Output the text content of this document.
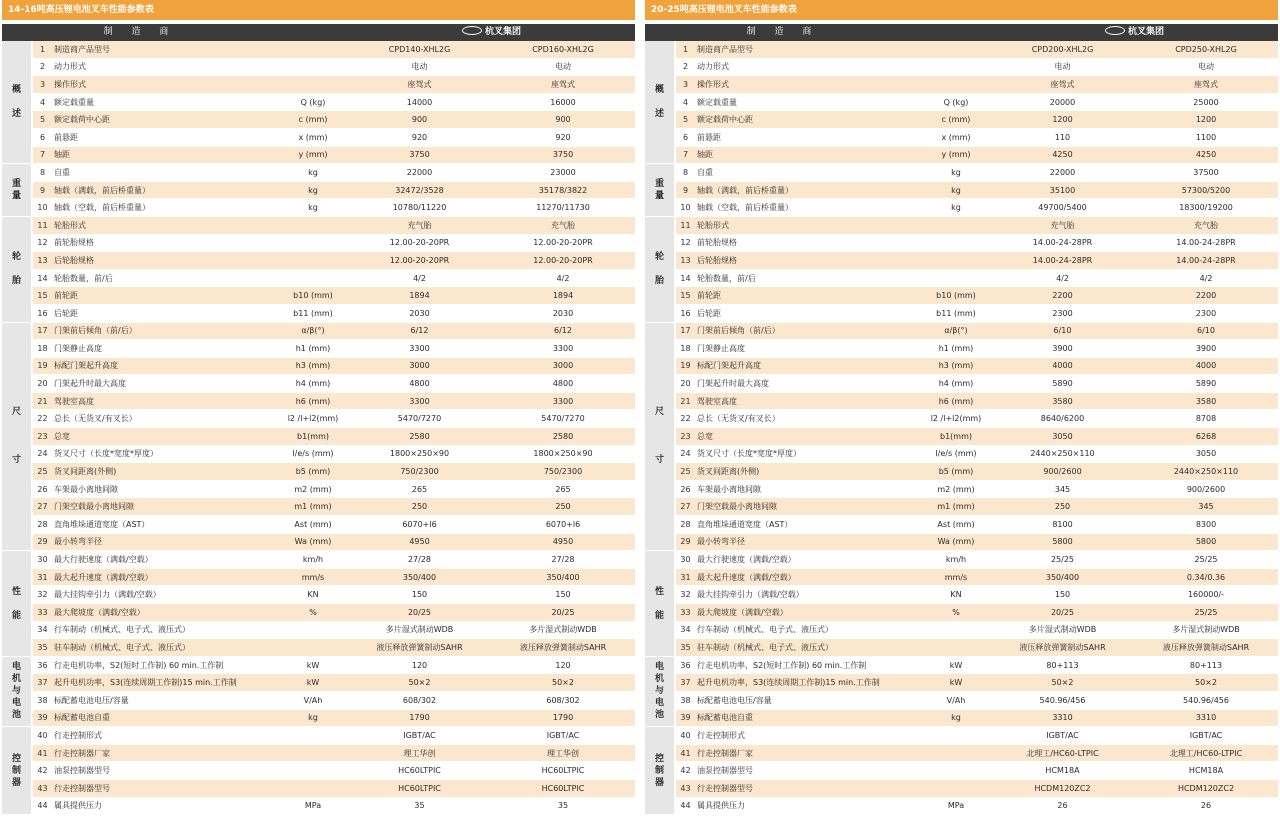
14-16吨高压锂电池叉车性能参数表
制 造 商	杭叉集团
概

述	1	制造商产品型号		CPD140-XHL2G	CPD160-XHL2G
	2	动力形式		电动	电动
	3	操作形式		座驾式	座驾式
	4	额定载重量	Q (kg)	14000	16000
	5	额定载荷中心距	c (mm)	900	900
	6	前悬距	x (mm)	920	920
	7	轴距	y (mm)	3750	3750
重
量	8	自重	kg	22000	23000
	9	轴载（满载，前后桥重量）	kg	32472/3528	35178/3822
	10	轴载（空载，前后桥重量）	kg	10780/11220	11270/11730
轮

胎	11	轮胎形式		充气胎	充气胎
	12	前轮胎规格		12.00-20-20PR	12.00-20-20PR
	13	后轮胎规格		12.00-20-20PR	12.00-20-20PR
	14	轮胎数量，前/后		4/2	4/2
	15	前轮距	b10 (mm)	1894	1894
	16	后轮距	b11 (mm)	2030	2030
尺

寸	17	门架前后倾角（前/后）	α/β(°)	6/12	6/12
	18	门架静止高度	h1 (mm)	3300	3300
	19	标配门架起升高度	h3 (mm)	3000	3000
	20	门架起升时最大高度	h4 (mm)	4800	4800
	21	驾驶室高度	h6 (mm)	3300	3300
	22	总长（无货叉/有叉长）	l2 /l+l2(mm)	5470/7270	5470/7270
	23	总宽	b1(mm)	2580	2580
	24	货叉尺寸（长度*宽度*厚度）	l/e/s (mm)	1800×250×90	1800×250×90
	25	货叉间距离(外侧)	b5 (mm)	750/2300	750/2300
	26	车架最小离地间隙	m2 (mm)	265	265
	27	门架空载最小离地间隙	m1 (mm)	250	250
	28	直角堆垛通道宽度（AST）	Ast (mm)	6070+l6	6070+l6
	29	最小转弯半径	Wa (mm)	4950	4950
性

能	30	最大行驶速度（满载/空载）	km/h	27/28	27/28
	31	最大起升速度（满载/空载）	mm/s	350/400	350/400
	32	最大挂钩牵引力（满载/空载）	KN	150	150
	33	最大爬坡度（满载/空载）	%	20/25	20/25
	34	行车制动（机械式、电子式、液压式）		多片湿式制动WDB	多片湿式制动WDB
	35	驻车制动（机械式、电子式、液压式）		液压释放弹簧制动SAHR	液压释放弹簧制动SAHR
电
机
与
电
池	36	行走电机功率，S2(短时工作制) 60 min.工作制	kW	120	120
	37	起升电机功率，S3(连续周期工作制)15 min.工作制	kW	50×2	50×2
	38	标配蓄电池电压/容量	V/Ah	608/302	608/302
	39	标配蓄电池自重	kg	1790	1790
控
制
器	40	行走控制形式		IGBT/AC	IGBT/AC
	41	行走控制器厂家		理工华创	理工华创
	42	油泵控制器型号		HC60LTPIC	HC60LTPIC
	43	行走控制器型号		HC60LTPIC	HC60LTPIC
	44	属具提供压力	MPa	35	35
20-25吨高压锂电池叉车性能参数表
制 造 商	杭叉集团
概

述	1	制造商产品型号		CPD200-XHL2G	CPD250-XHL2G
	2	动力形式		电动	电动
	3	操作形式		座驾式	座驾式
	4	额定载重量	Q (kg)	20000	25000
	5	额定载荷中心距	c (mm)	1200	1200
	6	前悬距	x (mm)	110	1100
	7	轴距	y (mm)	4250	4250
重
量	8	自重	kg	22000	37500
	9	轴载（满载，前后桥重量）	kg	35100	57300/5200
	10	轴载（空载，前后桥重量）	kg	49700/5400	18300/19200
轮

胎	11	轮胎形式		充气胎	充气胎
	12	前轮胎规格		14.00-24-28PR	14.00-24-28PR
	13	后轮胎规格		14.00-24-28PR	14.00-24-28PR
	14	轮胎数量，前/后		4/2	4/2
	15	前轮距	b10 (mm)	2200	2200
	16	后轮距	b11 (mm)	2300	2300
尺

寸	17	门架前后倾角（前/后）	α/β(°)	6/10	6/10
	18	门架静止高度	h1 (mm)	3900	3900
	19	标配门架起升高度	h3 (mm)	4000	4000
	20	门架起升时最大高度	h4 (mm)	5890	5890
	21	驾驶室高度	h6 (mm)	3580	3580
	22	总长（无货叉/有叉长）	l2 /l+l2(mm)	8640/6200	8708
	23	总宽	b1(mm)	3050	6268
	24	货叉尺寸（长度*宽度*厚度）	l/e/s (mm)	2440×250×110	3050
	25	货叉间距离(外侧)	b5 (mm)	900/2600	2440×250×110
	26	车架最小离地间隙	m2 (mm)	345	900/2600
	27	门架空载最小离地间隙	m1 (mm)	250	345
	28	直角堆垛通道宽度（AST）	Ast (mm)	8100	8300
	29	最小转弯半径	Wa (mm)	5800	5800
性

能	30	最大行驶速度（满载/空载）	km/h	25/25	25/25
	31	最大起升速度（满载/空载）	mm/s	350/400	0.34/0.36
	32	最大挂钩牵引力（满载/空载）	KN	150	160000/-
	33	最大爬坡度（满载/空载）	%	20/25	25/25
	34	行车制动（机械式、电子式、液压式）		多片湿式制动WDB	多片湿式制动WDB
	35	驻车制动（机械式、电子式、液压式）		液压释放弹簧制动SAHR	液压释放弹簧制动SAHR
电
机
与
电
池	36	行走电机功率，S2(短时工作制) 60 min.工作制	kW	80+113	80+113
	37	起升电机功率，S3(连续周期工作制)15 min.工作制	kW	50×2	50×2
	38	标配蓄电池电压/容量	V/Ah	540.96/456	540.96/456
	39	标配蓄电池自重	kg	3310	3310
控
制
器	40	行走控制形式		IGBT/AC	IGBT/AC
	41	行走控制器厂家		北理工/HC60-LTPIC	北理工/HC60-LTPIC
	42	油泵控制器型号		HCM18A	HCM18A
	43	行走控制器型号		HCDM120ZC2	HCDM120ZC2
	44	属具提供压力	MPa	26	26
